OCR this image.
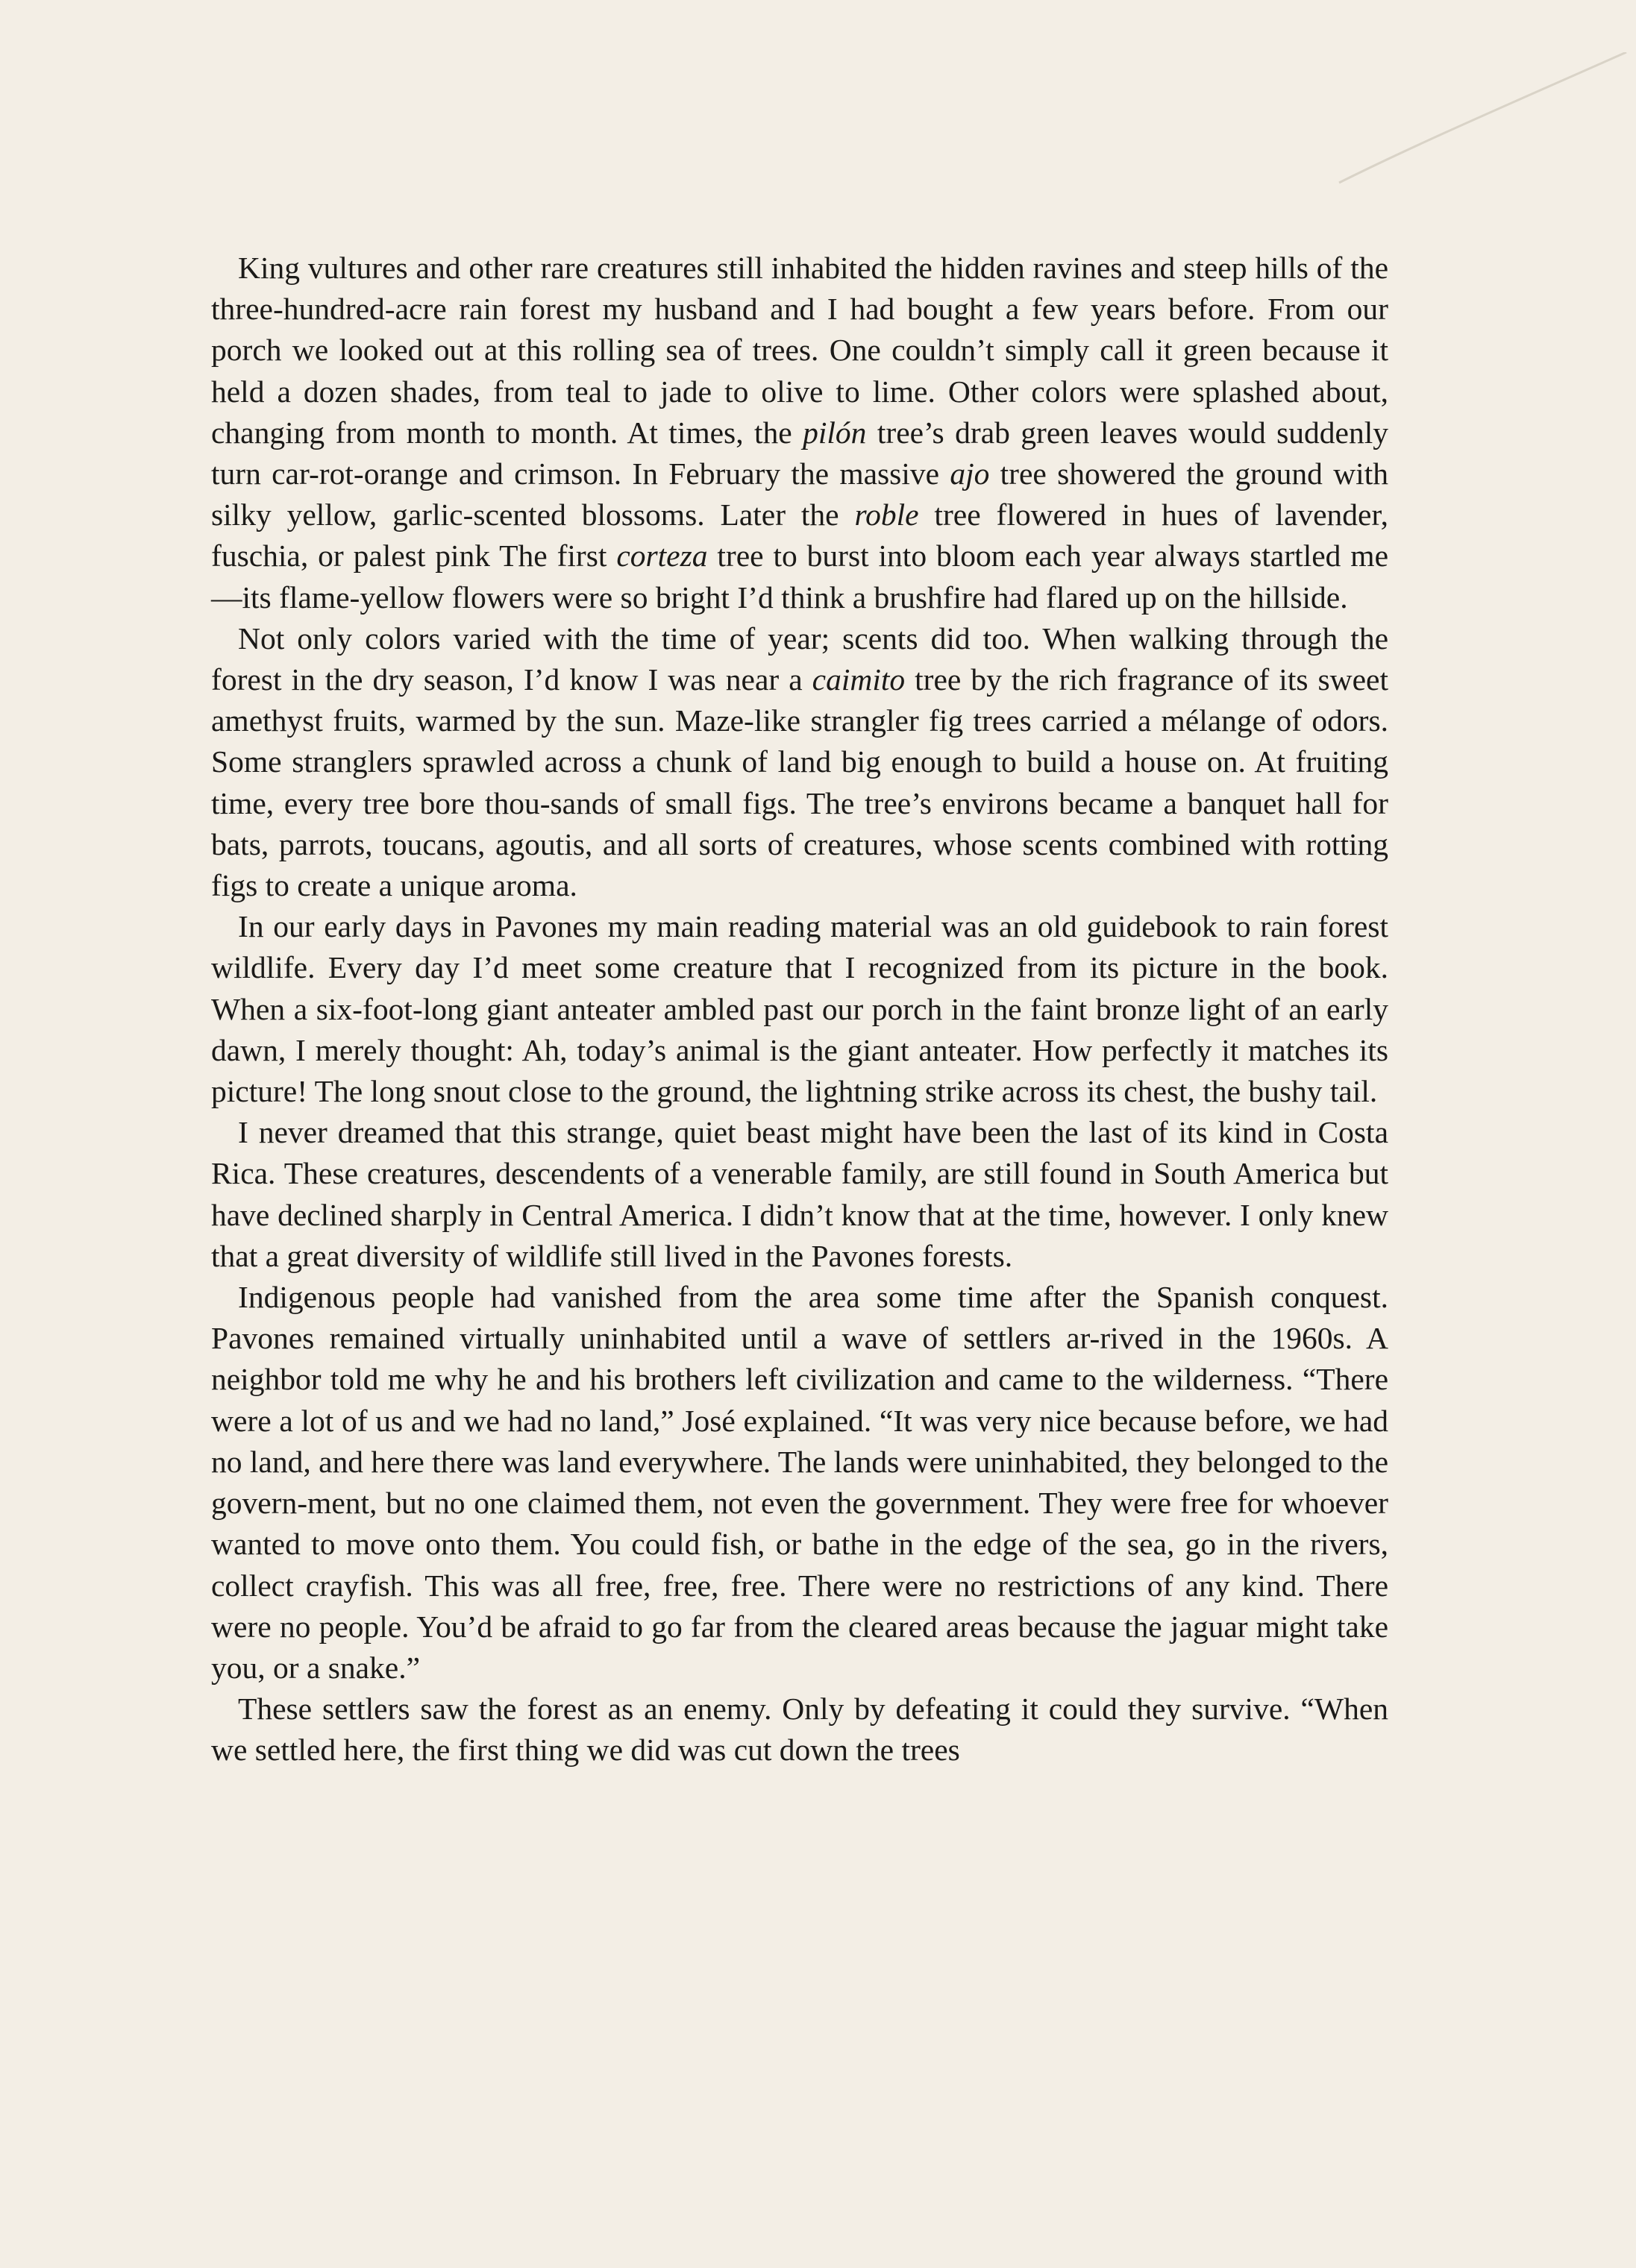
King vultures and other rare creatures still inhabited the hidden ravines and steep hills of the three-hundred-acre rain forest my husband and I had bought a few years before. From our porch we looked out at this rolling sea of trees. One couldn’t simply call it green because it held a dozen shades, from teal to jade to olive to lime. Other colors were splashed about, changing from month to month. At times, the pilón tree’s drab green leaves would suddenly turn car-rot-orange and crimson. In February the massive ajo tree showered the ground with silky yellow, garlic-scented blossoms. Later the roble tree flowered in hues of lavender, fuschia, or palest pink The first corteza tree to burst into bloom each year always startled me—its flame-yellow flowers were so bright I’d think a brushfire had flared up on the hillside.

Not only colors varied with the time of year; scents did too. When walking through the forest in the dry season, I’d know I was near a caimito tree by the rich fragrance of its sweet amethyst fruits, warmed by the sun. Maze-like strangler fig trees carried a mélange of odors. Some stranglers sprawled across a chunk of land big enough to build a house on. At fruiting time, every tree bore thou-sands of small figs. The tree’s environs became a banquet hall for bats, parrots, toucans, agoutis, and all sorts of creatures, whose scents combined with rotting figs to create a unique aroma.

In our early days in Pavones my main reading material was an old guidebook to rain forest wildlife. Every day I’d meet some creature that I recognized from its picture in the book. When a six-foot-long giant anteater ambled past our porch in the faint bronze light of an early dawn, I merely thought: Ah, today’s animal is the giant anteater. How perfectly it matches its picture! The long snout close to the ground, the lightning strike across its chest, the bushy tail.

I never dreamed that this strange, quiet beast might have been the last of its kind in Costa Rica. These creatures, descendents of a venerable family, are still found in South America but have declined sharply in Central America. I didn’t know that at the time, however. I only knew that a great diversity of wildlife still lived in the Pavones forests.

Indigenous people had vanished from the area some time after the Spanish conquest. Pavones remained virtually uninhabited until a wave of settlers ar-rived in the 1960s. A neighbor told me why he and his brothers left civilization and came to the wilderness. “There were a lot of us and we had no land,” José explained. “It was very nice because before, we had no land, and here there was land everywhere. The lands were uninhabited, they belonged to the govern-ment, but no one claimed them, not even the government. They were free for whoever wanted to move onto them. You could fish, or bathe in the edge of the sea, go in the rivers, collect crayfish. This was all free, free, free. There were no restrictions of any kind. There were no people. You’d be afraid to go far from the cleared areas because the jaguar might take you, or a snake.”

These settlers saw the forest as an enemy. Only by defeating it could they survive. “When we settled here, the first thing we did was cut down the trees
